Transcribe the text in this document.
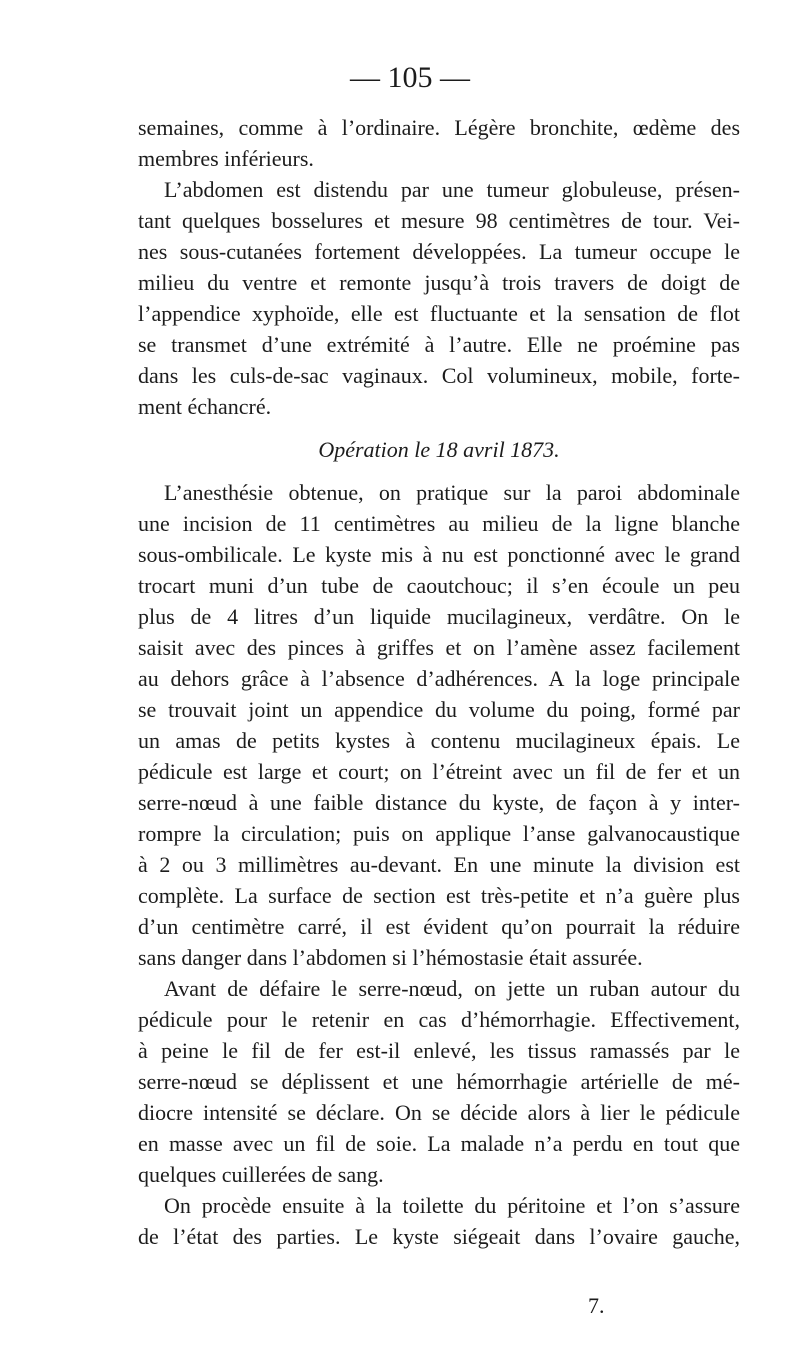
— 105 —
semaines, comme à l’ordinaire. Légère bronchite, œdème des
membres inférieurs.
L’abdomen est distendu par une tumeur globuleuse, présen-
tant quelques bosselures et mesure 98 centimètres de tour. Vei-
nes sous-cutanées fortement développées. La tumeur occupe le
milieu du ventre et remonte jusqu’à trois travers de doigt de
l’appendice xyphoïde, elle est fluctuante et la sensation de flot
se transmet d’une extrémité à l’autre. Elle ne proémine pas
dans les culs-de-sac vaginaux. Col volumineux, mobile, forte-
ment échancré.
Opération le 18 avril 1873.
L’anesthésie obtenue, on pratique sur la paroi abdominale
une incision de 11 centimètres au milieu de la ligne blanche
sous-ombilicale. Le kyste mis à nu est ponctionné avec le grand
trocart muni d’un tube de caoutchouc; il s’en écoule un peu
plus de 4 litres d’un liquide mucilagineux, verdâtre. On le
saisit avec des pinces à griffes et on l’amène assez facilement
au dehors grâce à l’absence d’adhérences. A la loge principale
se trouvait joint un appendice du volume du poing, formé par
un amas de petits kystes à contenu mucilagineux épais. Le
pédicule est large et court; on l’étreint avec un fil de fer et un
serre-nœud à une faible distance du kyste, de façon à y inter-
rompre la circulation; puis on applique l’anse galvanocaustique
à 2 ou 3 millimètres au-devant. En une minute la division est
complète. La surface de section est très-petite et n’a guère plus
d’un centimètre carré, il est évident qu’on pourrait la réduire
sans danger dans l’abdomen si l’hémostasie était assurée.
Avant de défaire le serre-nœud, on jette un ruban autour du
pédicule pour le retenir en cas d’hémorrhagie. Effectivement,
à peine le fil de fer est-il enlevé, les tissus ramassés par le
serre-nœud se déplissent et une hémorrhagie artérielle de mé-
diocre intensité se déclare. On se décide alors à lier le pédicule
en masse avec un fil de soie. La malade n’a perdu en tout que
quelques cuillerées de sang.
On procède ensuite à la toilette du péritoine et l’on s’assure
de l’état des parties. Le kyste siégeait dans l’ovaire gauche,
7.
